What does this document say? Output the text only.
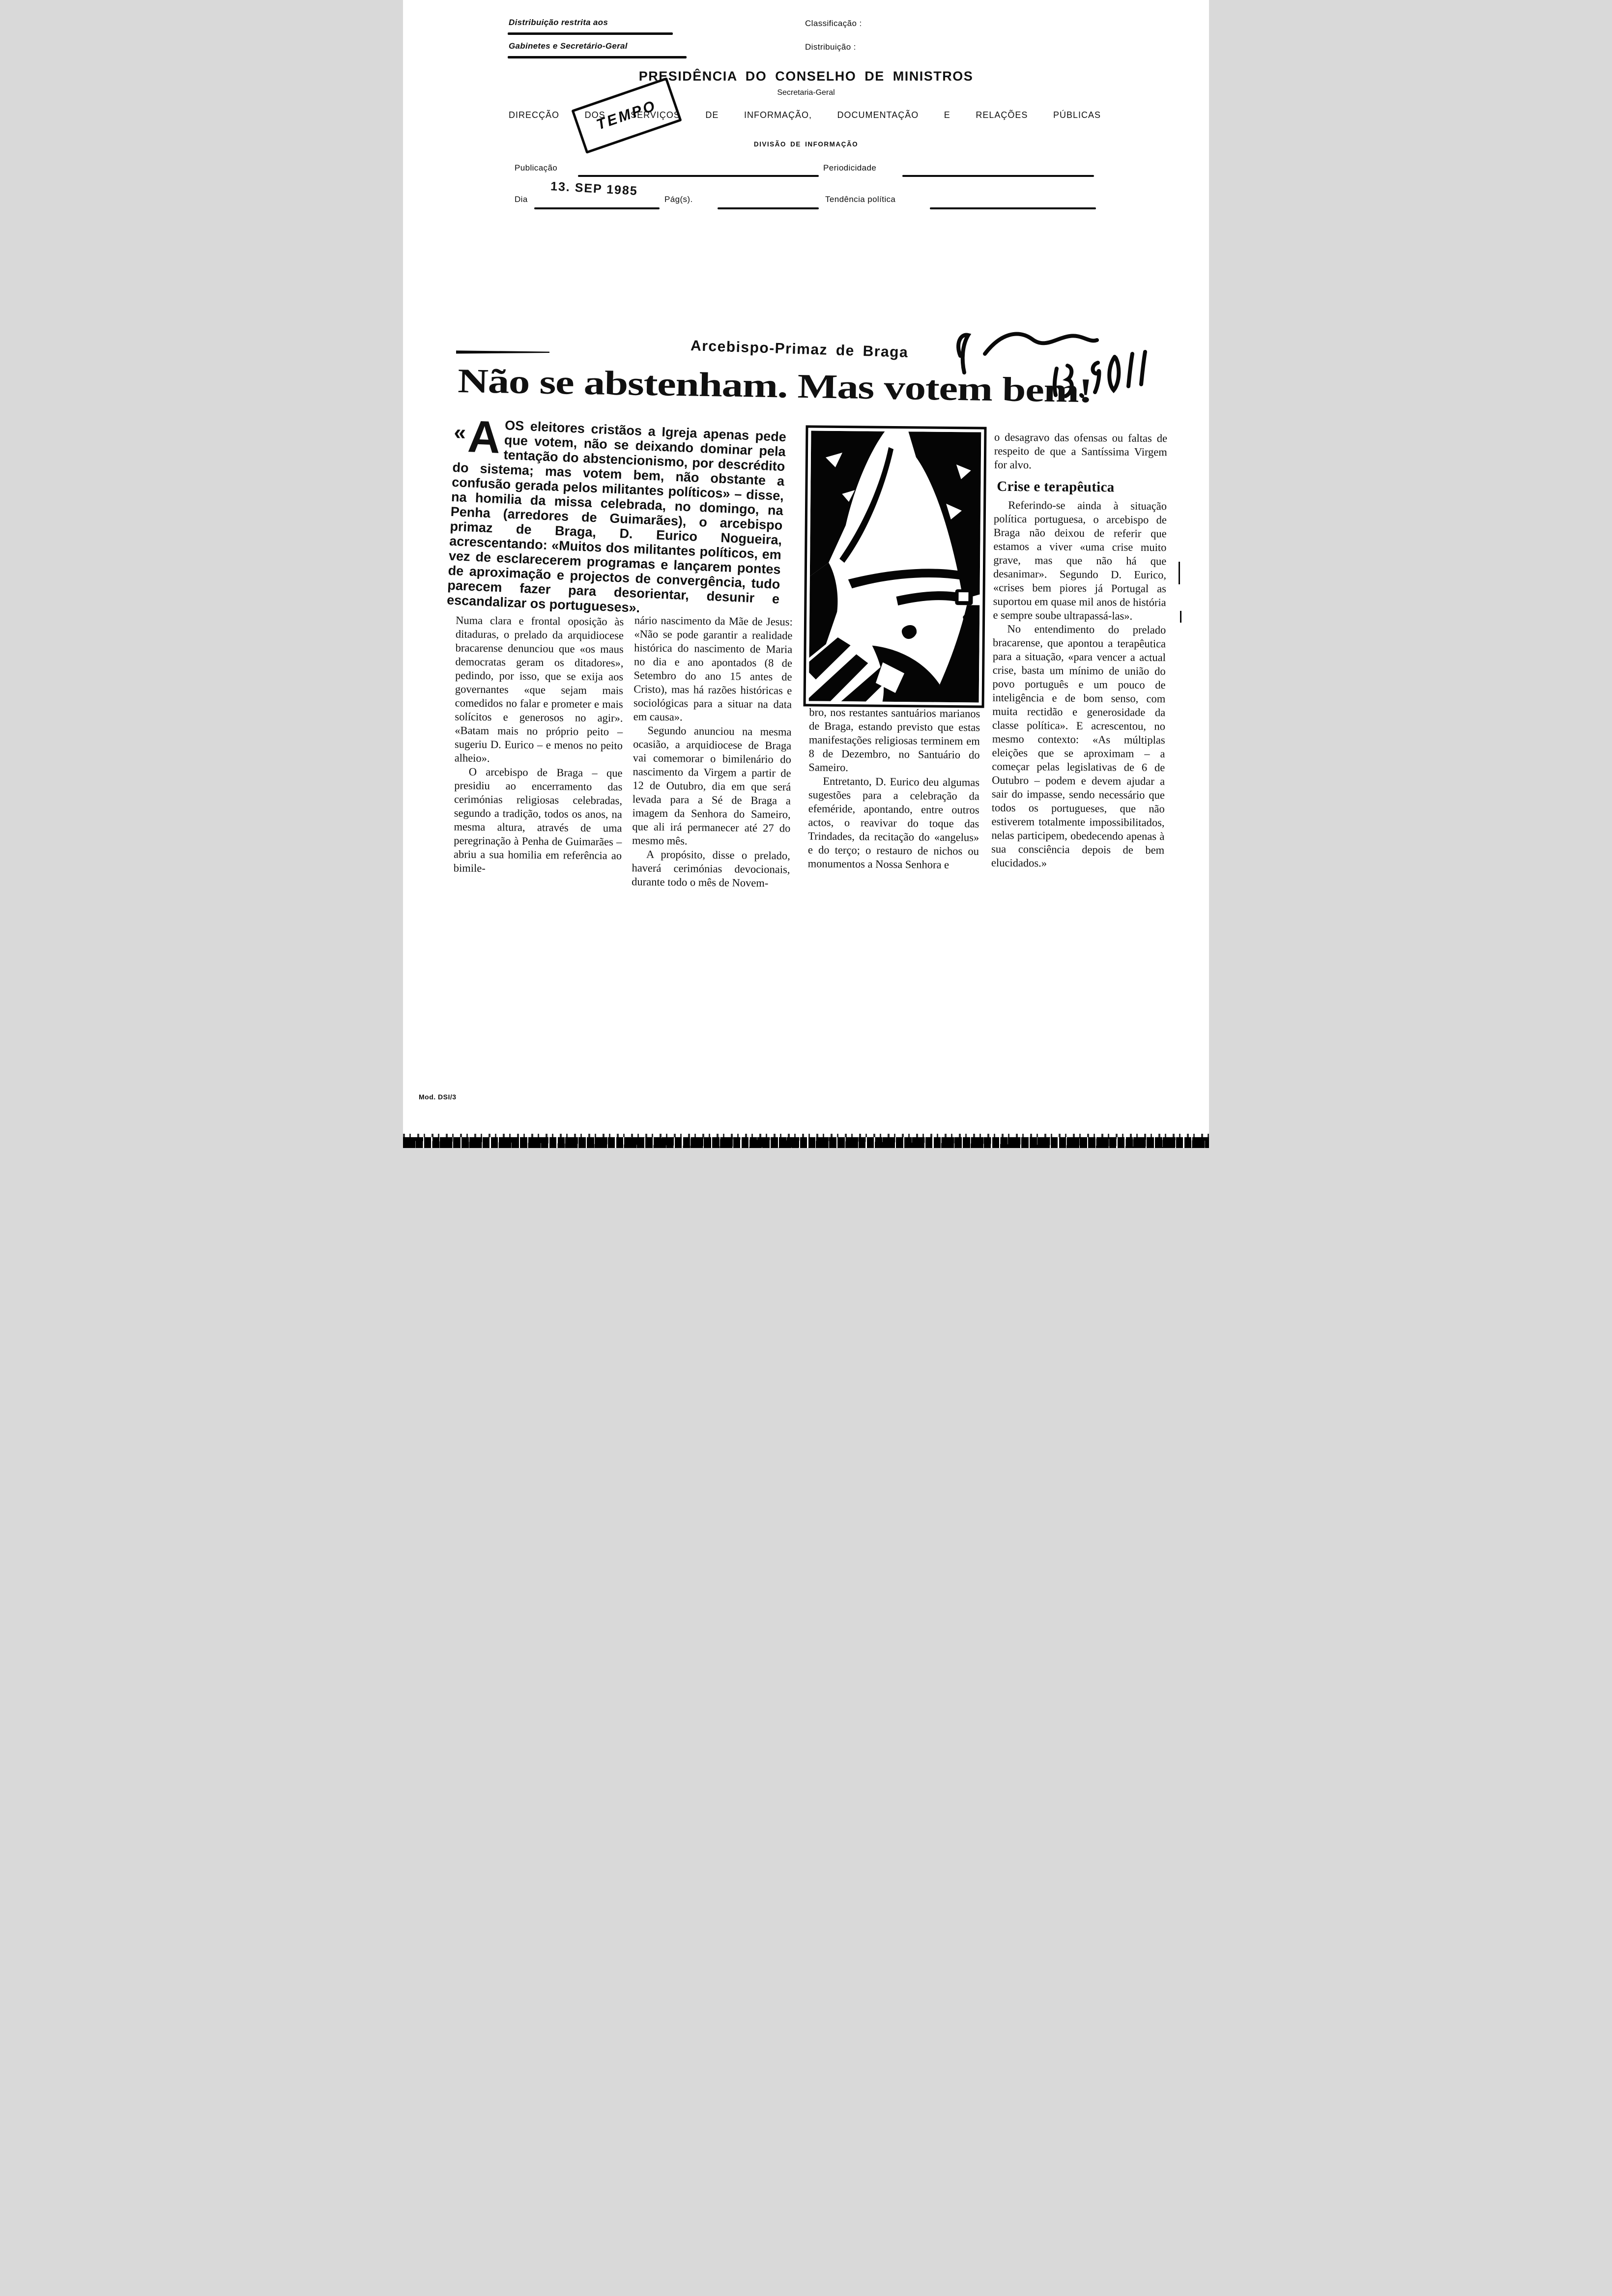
Distribuição restrita aos
Gabinetes e Secretário-Geral
Classificação :
Distribuição :
PRESIDÊNCIA DO CONSELHO DE MINISTROS
Secretaria-Geral
DIRECÇÃO DOS SERVIÇOS DE INFORMAÇÃO, DOCUMENTAÇÃO E RELAÇÕES PÚBLICAS
TEMPO
DIVISÃO DE INFORMAÇÃO
Publicação	Periodicidade
Dia
13. SEP 1985
Pág(s).	Tendência política
Arcebispo-Primaz de Braga
Não se abstenham. Mas votem bem!
« A OS eleitores cristãos a Igreja apenas pede que votem, não se deixando dominar pela tentação do abstencionismo, por descrédito do sistema; mas votem bem, não obstante a confusão gerada pelos militantes políticos» – disse, na homilia da missa celebrada, no domingo, na Penha (arredores de Guimarães), o arcebispo primaz de Braga, D. Eurico Nogueira, acrescentando: «Muitos dos militantes políticos, em vez de esclarecerem programas e lançarem pontes de aproximação e projectos de convergência, tudo parecem fazer para desorientar, desunir e escandalizar os portugueses».

Numa clara e frontal oposição às ditaduras, o prelado da arquidiocese bracarense denunciou que «os maus democratas geram os ditadores», pedindo, por isso, que se exija aos governantes «que sejam mais comedidos no falar e prometer e mais solícitos e generosos no agir». «Batam mais no próprio peito – sugeriu D. Eurico – e menos no peito alheio».

O arcebispo de Braga – que presidiu ao encerramento das cerimónias religiosas celebradas, segundo a tradição, todos os anos, na mesma altura, através de uma peregrinação à Penha de Guimarães – abriu a sua homilia em referência ao bimile-

nário nascimento da Mãe de Jesus: «Não se pode garantir a realidade histórica do nascimento de Maria no dia e ano apontados (8 de Setembro do ano 15 antes de Cristo), mas há razões históricas e sociológicas para a situar na data em causa».

Segundo anunciou na mesma ocasião, a arquidiocese de Braga vai comemorar o bimilenário do nascimento da Virgem a partir de 12 de Outubro, dia em que será levada para a Sé de Braga a imagem da Senhora do Sameiro, que ali irá permanecer até 27 do mesmo mês.

A propósito, disse o prelado, haverá cerimónias devocionais, durante todo o mês de Novem-

bro, nos restantes santuários marianos de Braga, estando previsto que estas manifestações religiosas terminem em 8 de Dezembro, no Santuário do Sameiro.

Entretanto, D. Eurico deu algumas sugestões para a celebração da efeméride, apontando, entre outros actos, o reavivar do toque das Trindades, da recitação do «angelus» e do terço; o restauro de nichos ou monumentos a Nossa Senhora e

o desagravo das ofensas ou faltas de respeito de que a Santíssima Virgem for alvo.

Crise e terapêutica

Referindo-se ainda à situação política portuguesa, o arcebispo de Braga não deixou de referir que estamos a viver «uma crise muito grave, mas que não há que desanimar». Segundo D. Eurico, «crises bem piores já Portugal as suportou em quase mil anos de história e sempre soube ultrapassá-las».

No entendimento do prelado bracarense, que apontou a terapêutica para a situação, «para vencer a actual crise, basta um mínimo de união do povo português e um pouco de inteligência e de bom senso, com muita rectidão e generosidade da classe política». E acrescentou, no mesmo contexto: «As múltiplas eleições que se aproximam – a começar pelas legislativas de 6 de Outubro – podem e devem ajudar a sair do impasse, sendo necessário que todos os portugueses, que não estiverem totalmente impossibilitados, nelas participem, obedecendo apenas à sua consciência depois de bem elucidados.»

Mod. DSI/3
